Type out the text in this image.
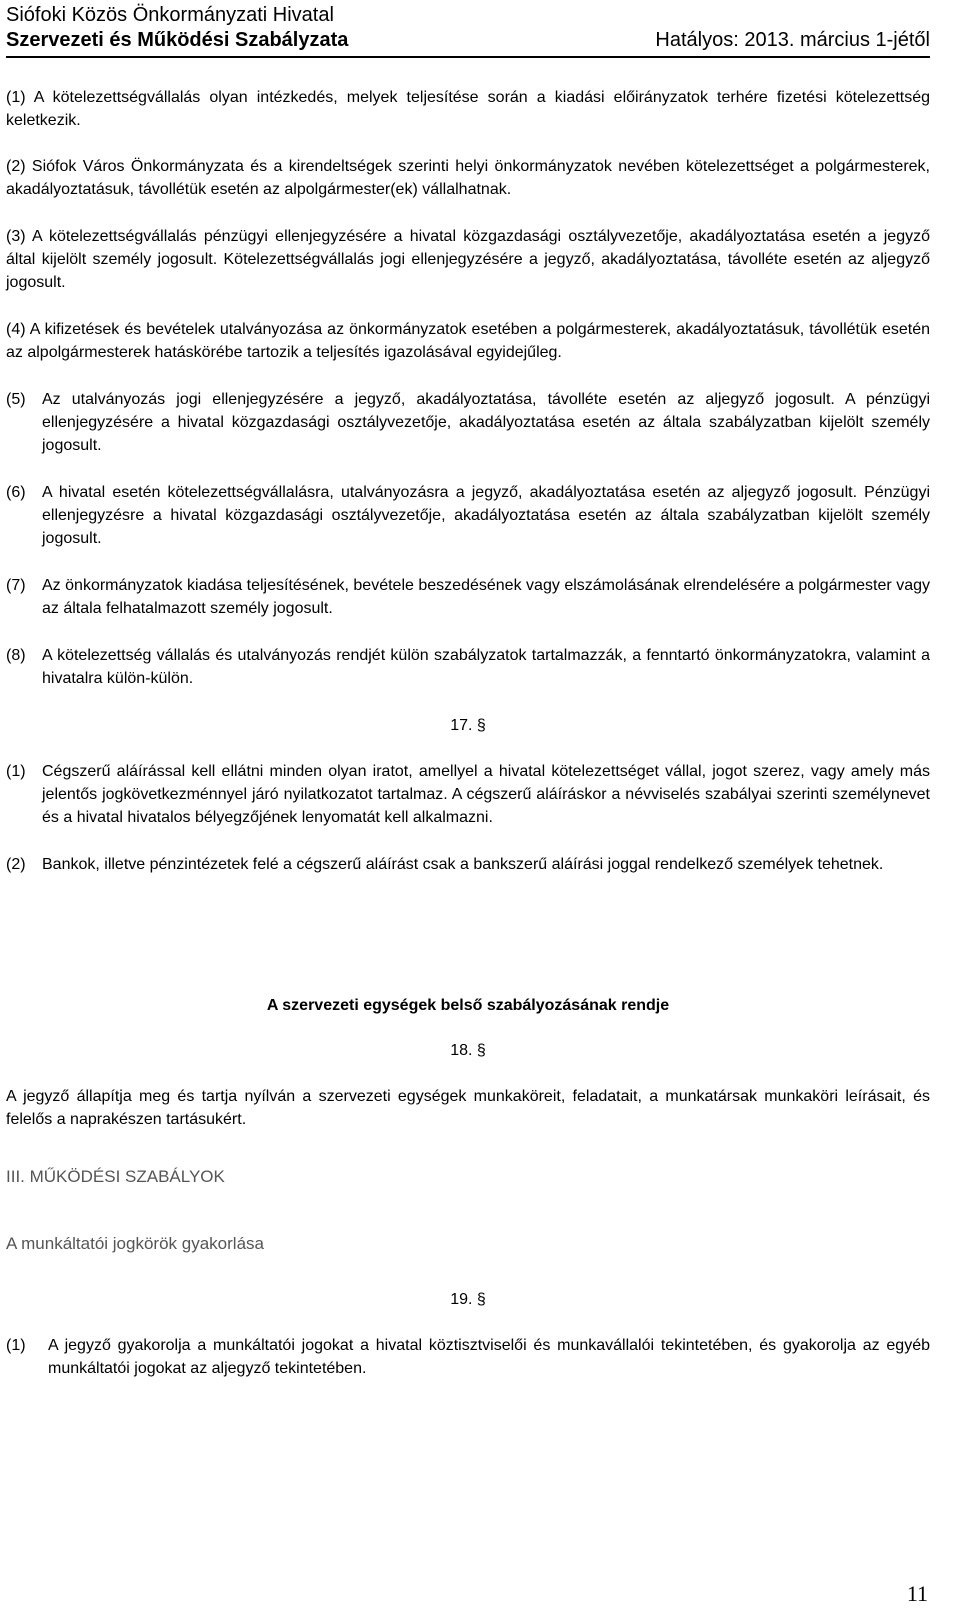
Siófoki Közös Önkormányzati Hivatal
Szervezeti és Működési Szabályzata	Hatályos: 2013. március 1-jétől

(1) A kötelezettségvállalás olyan intézkedés, melyek teljesítése során a kiadási előirányzatok terhére fizetési kötelezettség keletkezik.

(2) Siófok Város Önkormányzata és a kirendeltségek szerinti helyi önkormányzatok nevében kötelezettséget a polgármesterek, akadályoztatásuk, távollétük esetén az alpolgármester(ek) vállalhatnak.

(3) A kötelezettségvállalás pénzügyi ellenjegyzésére a hivatal közgazdasági osztályvezetője, akadályoztatása esetén a jegyző által kijelölt személy jogosult. Kötelezettségvállalás jogi ellenjegyzésére a jegyző, akadályoztatása, távolléte esetén az aljegyző jogosult.

(4) A kifizetések és bevételek utalványozása az önkormányzatok esetében a polgármesterek, akadályoztatásuk, távollétük esetén az alpolgármesterek hatáskörébe tartozik a teljesítés igazolásával egyidejűleg.

(5)	Az utalványozás jogi ellenjegyzésére a jegyző, akadályoztatása, távolléte esetén az aljegyző jogosult. A pénzügyi ellenjegyzésére a hivatal közgazdasági osztályvezetője, akadályoztatása esetén az általa szabályzatban kijelölt személy jogosult.
(6)	A hivatal esetén kötelezettségvállalásra, utalványozásra a jegyző, akadályoztatása esetén az aljegyző jogosult. Pénzügyi ellenjegyzésre a hivatal közgazdasági osztályvezetője, akadályoztatása esetén az általa szabályzatban kijelölt személy jogosult.
(7)	Az önkormányzatok kiadása teljesítésének, bevétele beszedésének vagy elszámolásának elrendelésére a polgármester vagy az általa felhatalmazott személy jogosult.
(8)	A kötelezettség vállalás és utalványozás rendjét külön szabályzatok tartalmazzák, a fenntartó önkormányzatokra, valamint a hivatalra külön-külön.
17. §
(1)	Cégszerű aláírással kell ellátni minden olyan iratot, amellyel a hivatal kötelezettséget vállal, jogot szerez, vagy amely más jelentős jogkövetkezménnyel járó nyilatkozatot tartalmaz. A cégszerű aláíráskor a névviselés szabályai szerinti személynevet és a hivatal hivatalos bélyegzőjének lenyomatát kell alkalmazni.
(2)	Bankok, illetve pénzintézetek felé a cégszerű aláírást csak a bankszerű aláírási joggal rendelkező személyek tehetnek.
A szervezeti egységek belső szabályozásának rendje
18. §

A jegyző állapítja meg és tartja nyílván a szervezeti egységek munkaköreit, feladatait, a munkatársak munkaköri leírásait, és felelős a naprakészen tartásukért.

III. MŰKÖDÉSI SZABÁLYOK
A munkáltatói jogkörök gyakorlása
19. §
(1)	A jegyző gyakorolja a munkáltatói jogokat a hivatal köztisztviselői és munkavállalói tekintetében, és gyakorolja az egyéb munkáltatói jogokat az aljegyző tekintetében.
11
